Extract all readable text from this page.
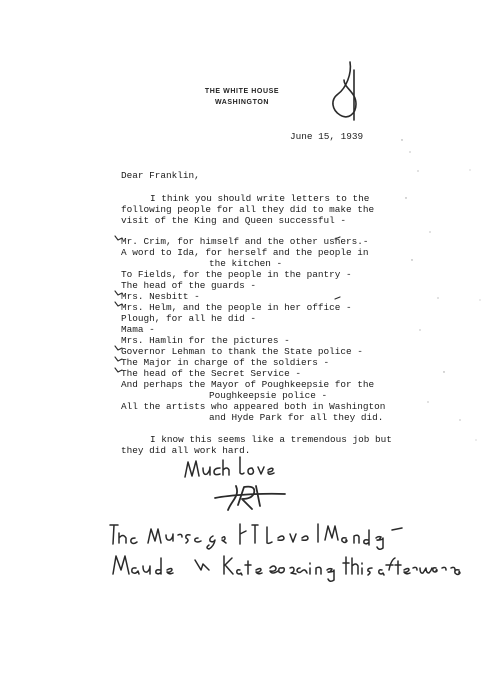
THE WHITE HOUSE
WASHINGTON
June 15, 1939
Dear Franklin,
I think you should write letters to the
following people for all they did to make the
visit of the King and Queen successful -
Mr. Crim, for himself and the other ushers.-
A word to Ida, for herself and the people in
the kitchen -
To Fields, for the people in the pantry -
The head of the guards -
Mrs. Nesbitt -
Mrs. Helm, and the people in her office -
Plough, for all he did -
Mama -
Mrs. Hamlin for the pictures -
Governor Lehman to thank the State police -
The Major in charge of the soldiers -
The head of the Secret Service -
And perhaps the Mayor of Poughkeepsie for the
Poughkeepsie police -
All the artists who appeared both in Washington
and Hyde Park for all they did.
I know this seems like a tremendous job but
they did all work hard.
